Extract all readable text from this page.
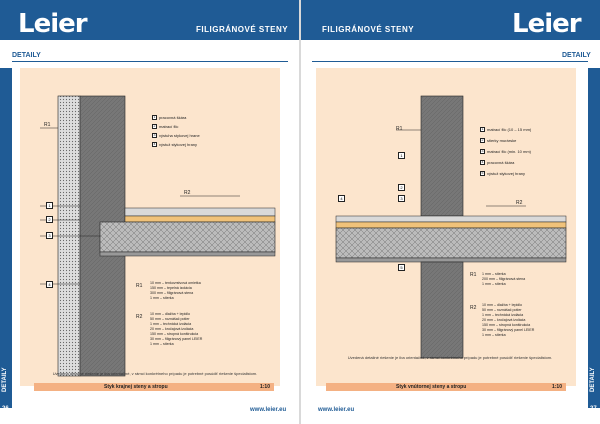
Leier	Leier
FILIGRÁNOVÉ STENY	FILIGRÁNOVÉ STENY
DETAILY	DETAILY
DETAILY	DETAILY
26	27
www.leier.eu	www.leier.eu
1 pracovná škára
2 matrací filc
3 výstuha stykovej hrane
4 výstuž stykovej hrany
R1
R2
1
2
3
4	R1 10 mm – tenkovrstvová omietka
150 mm – tepelná izolácia
300 mm – filigránová stena
1 mm – stierka
R2 10 mm – dlažba + lepidlo
50 mm – roznášač potier
1 mm – technická izolácia
20 mm – kročajová izolácia
150 mm – stropná konštrukcia
30 mm – filigránový panel LEIER
1 mm – stierka
Uvedená detailné riešenie je iba orientačné, v rámci konkrétneho prípadu je potrebné posúdiť riešenie špecialistom.
Styk krajnej steny a stropu	1:10
1 matrací filc (10 – 15 mm)
2 stierky murárske
3 matrací filc (min. 10 mm)
4 pracovná škára
5 výstuž stykovej hrany
R1
R2
1
2
3
4
5
R1 1 mm – stierka
200 mm – filigránová stena
1 mm – stierka
R2 10 mm – dlažba + lepidlo
50 mm – roznášač potier
1 mm – technická izolácia
20 mm – kročajová izolácia
150 mm – stropná konštrukcia
30 mm – filigránový panel LEIER
1 mm – stierka
Uvedená detailné riešenie je iba orientačné, v rámci konkrétneho prípadu je potrebné posúdiť riešenie špecialistom.
Styk vnútornej steny a stropu	1:10
